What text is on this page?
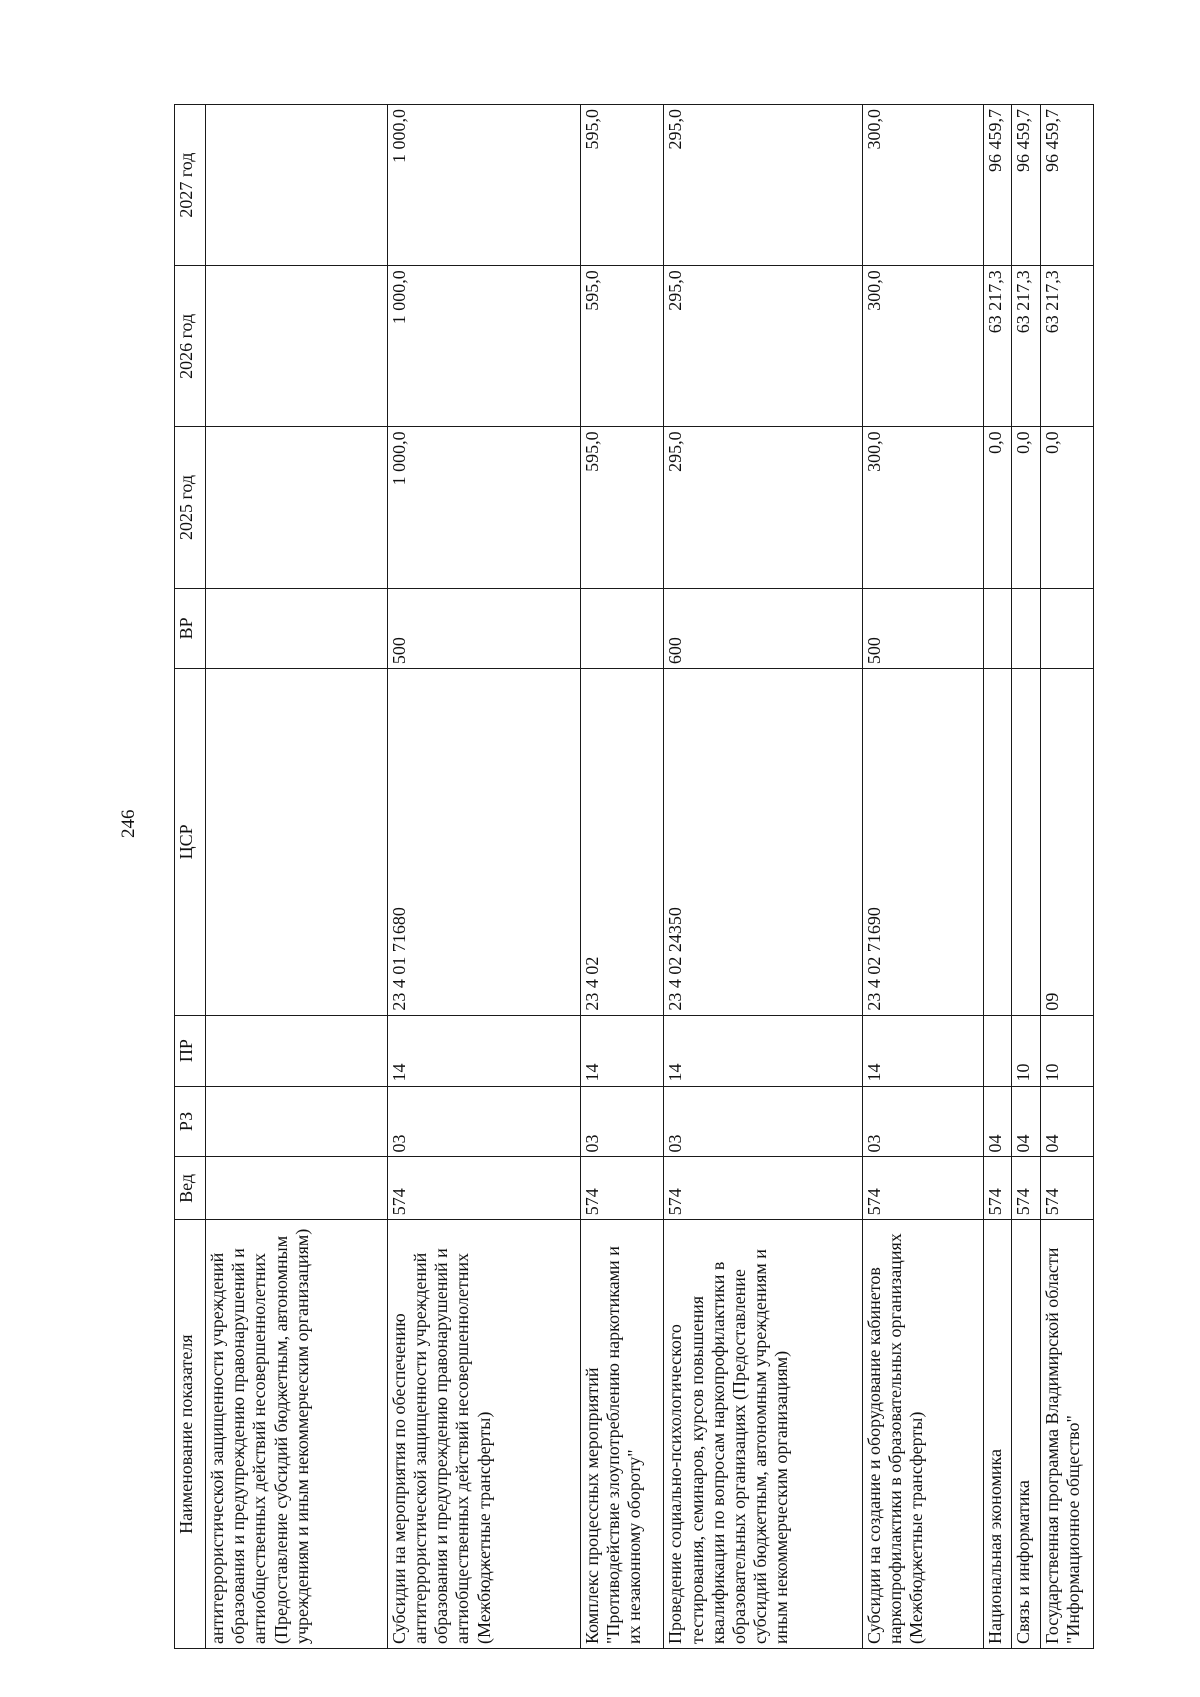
246
Наименование показателя	Вед	РЗ	ПР	ЦСР	ВР	2025 год	2026 год	2027 год
антитеррористической защищенности учреждений образования и предупреждению правонарушений и антиобщественных действий несовершеннолетних (Предоставление субсидий бюджетным, автономным учреждениям и иным некоммерческим организациям)								
Субсидии на мероприятия по обеспечению антитеррористической защищенности учреждений образования и предупреждению правонарушений и антиобщественных действий несовершеннолетних (Межбюджетные трансферты)	574	03	14	23 4 01 71680	500	1 000,0	1 000,0	1 000,0
Комплекс процессных мероприятий "Противодействие злоупотреблению наркотиками и их незаконному обороту"	574	03	14	23 4 02		595,0	595,0	595,0
Проведение социально-психологического тестирования, семинаров, курсов повышения квалификации по вопросам наркопрофилактики в образовательных организациях (Предоставление субсидий бюджетным, автономным учреждениям и иным некоммерческим организациям)	574	03	14	23 4 02 24350	600	295,0	295,0	295,0
Субсидии на создание и оборудование кабинетов наркопрофилактики в образовательных организациях (Межбюджетные трансферты)	574	03	14	23 4 02 71690	500	300,0	300,0	300,0
Национальная экономика	574	04				0,0	63 217,3	96 459,7
Связь и информатика	574	04	10			0,0	63 217,3	96 459,7
Государственная программа Владимирской области "Информационное общество"	574	04	10	09		0,0	63 217,3	96 459,7
